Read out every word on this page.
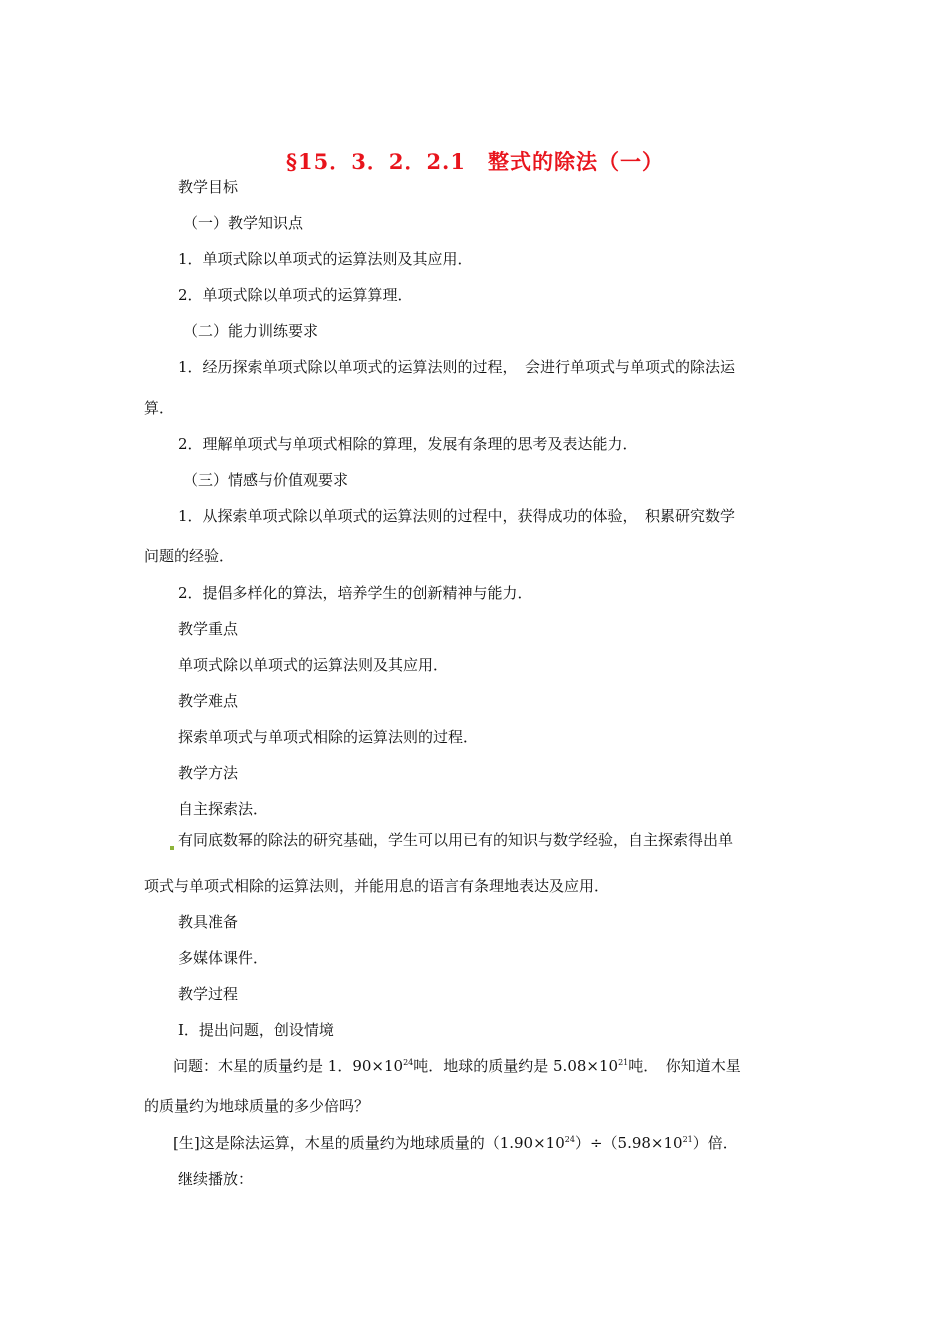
§15．3．2．2.1　整式的除法（一）

教学目标

（一）教学知识点

1．单项式除以单项式的运算法则及其应用．

2．单项式除以单项式的运算算理．

（二）能力训练要求

1．经历探索单项式除以单项式的运算法则的过程，　会进行单项式与单项式的除法运

算．

2．理解单项式与单项式相除的算理，发展有条理的思考及表达能力．

（三）情感与价值观要求

1．从探索单项式除以单项式的运算法则的过程中，获得成功的体验，　积累研究数学

问题的经验．

2．提倡多样化的算法，培养学生的创新精神与能力．

教学重点

单项式除以单项式的运算法则及其应用．

教学难点

探索单项式与单项式相除的运算法则的过程．

教学方法

自主探索法．

有同底数幂的除法的研究基础，学生可以用已有的知识与数学经验，自主探索得出单

项式与单项式相除的运算法则，并能用息的语言有条理地表达及应用．

教具准备

多媒体课件．

教学过程

Ⅰ．提出问题，创设情境

问题：木星的质量约是 1．$90\times 10^{24}$吨．地球的质量约是 $5.08\times 10^{21}$吨．　你知道木星

的质量约为地球质量的多少倍吗？

[生]这是除法运算，木星的质量约为地球质量的$(1.90\times 10^{24})\div(5.98\times 10^{21})$倍．

继续播放：
